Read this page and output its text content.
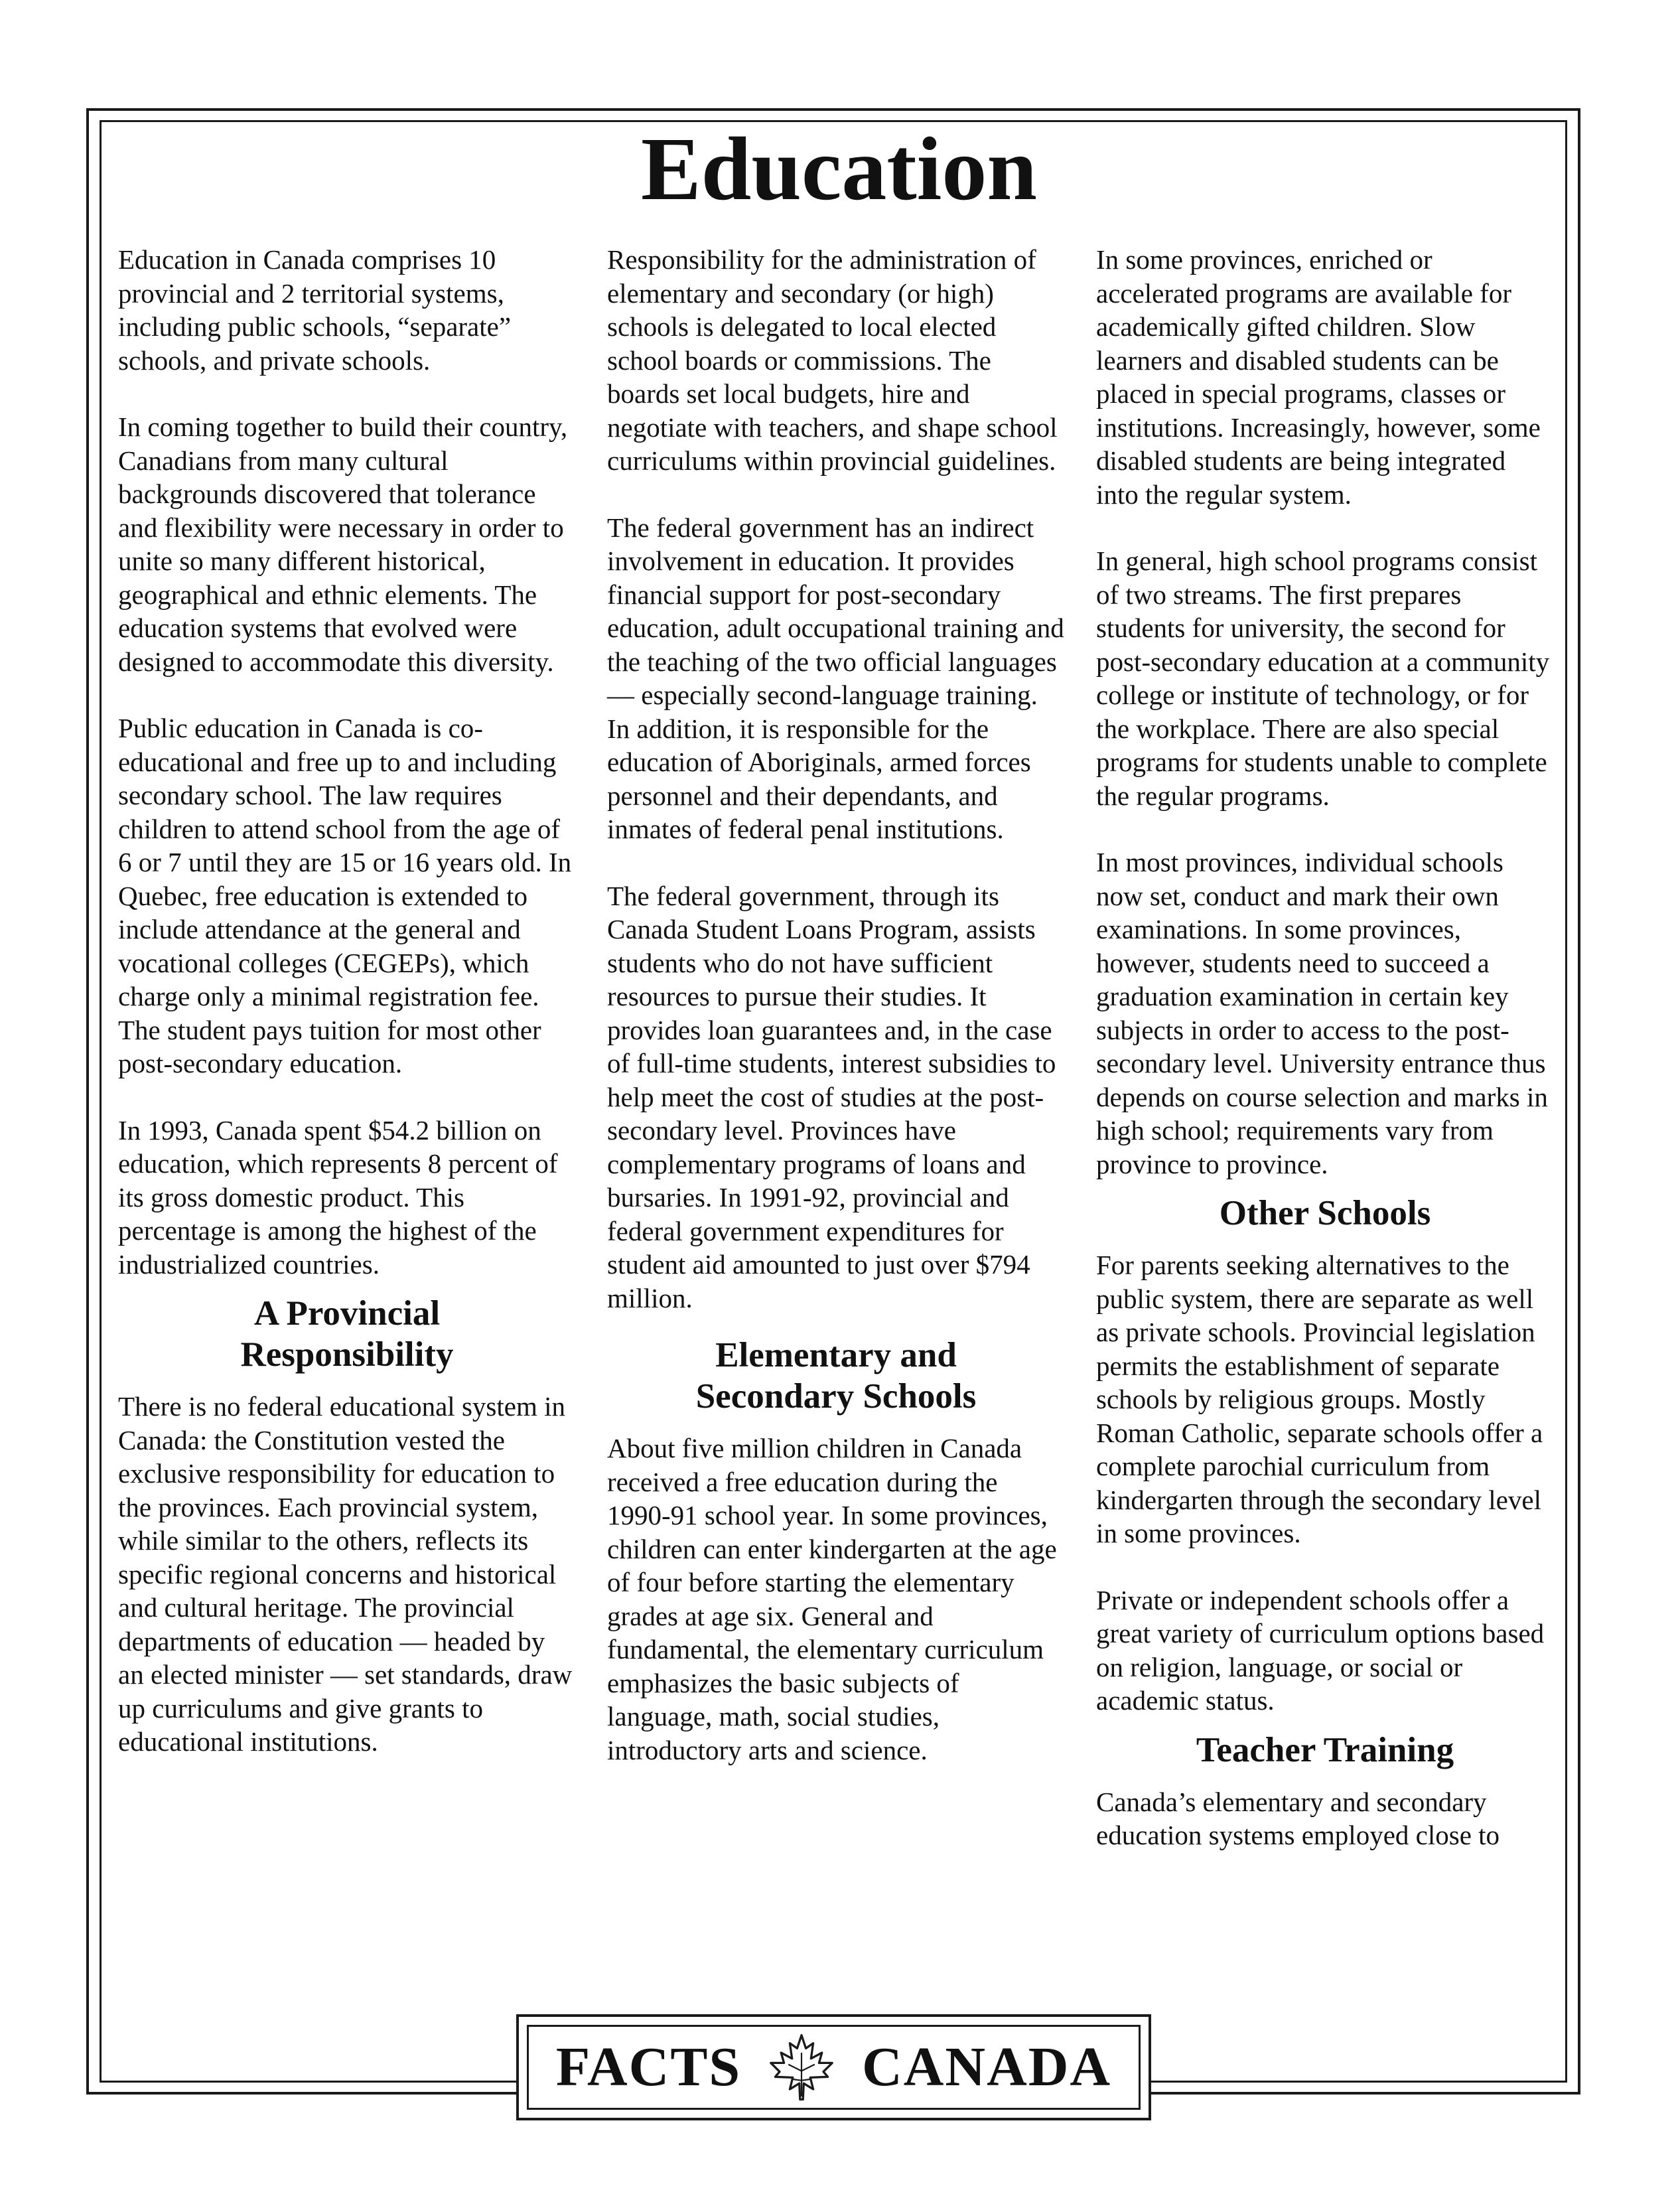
Education

Education in Canada comprises 10 provincial and 2 territorial systems, including public schools, “separate” schools, and private schools.

In coming together to build their country, Canadians from many cultural backgrounds discovered that tolerance and flexibility were necessary in order to unite so many different historical, geographical and ethnic elements. The education systems that evolved were designed to accommodate this diversity.

Public education in Canada is co-educational and free up to and including secondary school. The law requires children to attend school from the age of 6 or 7 until they are 15 or 16 years old. In Quebec, free education is extended to include attendance at the general and vocational colleges (CEGEPs), which charge only a minimal registration fee. The student pays tuition for most other post-secondary education.

In 1993, Canada spent $54.2 billion on education, which represents 8 percent of its gross domestic product. This percentage is among the highest of the industrialized countries.

A Provincial Responsibility

There is no federal educational system in Canada: the Constitution vested the exclusive responsibility for education to the provinces. Each provincial system, while similar to the others, reflects its specific regional concerns and historical and cultural heritage. The provincial departments of education — headed by an elected minister — set standards, draw up curriculums and give grants to educational institutions.

Responsibility for the administration of elementary and secondary (or high) schools is delegated to local elected school boards or commissions. The boards set local budgets, hire and negotiate with teachers, and shape school curriculums within provincial guidelines.

The federal government has an indirect involvement in education. It provides financial support for post-secondary education, adult occupational training and the teaching of the two official languages — especially second-language training. In addition, it is responsible for the education of Aboriginals, armed forces personnel and their dependants, and inmates of federal penal institutions.

The federal government, through its Canada Student Loans Program, assists students who do not have sufficient resources to pursue their studies. It provides loan guarantees and, in the case of full-time students, interest subsidies to help meet the cost of studies at the post-secondary level. Provinces have complementary programs of loans and bursaries. In 1991-92, provincial and federal government expenditures for student aid amounted to just over $794 million.

Elementary and Secondary Schools

About five million children in Canada received a free education during the 1990-91 school year. In some provinces, children can enter kindergarten at the age of four before starting the elementary grades at age six. General and fundamental, the elementary curriculum emphasizes the basic subjects of language, math, social studies, introductory arts and science.

In some provinces, enriched or accelerated programs are available for academically gifted children. Slow learners and disabled students can be placed in special programs, classes or institutions. Increasingly, however, some disabled students are being integrated into the regular system.

In general, high school programs consist of two streams. The first prepares students for university, the second for post-secondary education at a community college or institute of technology, or for the workplace. There are also special programs for students unable to complete the regular programs.

In most provinces, individual schools now set, conduct and mark their own examinations. In some provinces, however, students need to succeed a graduation examination in certain key subjects in order to access to the post-secondary level. University entrance thus depends on course selection and marks in high school; requirements vary from province to province.

Other Schools

For parents seeking alternatives to the public system, there are separate as well as private schools. Provincial legislation permits the establishment of separate schools by religious groups. Mostly Roman Catholic, separate schools offer a complete parochial curriculum from kindergarten through the secondary level in some provinces.

Private or independent schools offer a great variety of curriculum options based on religion, language, or social or academic status.

Teacher Training

Canada’s elementary and secondary education systems employed close to

FACTS CANADA
